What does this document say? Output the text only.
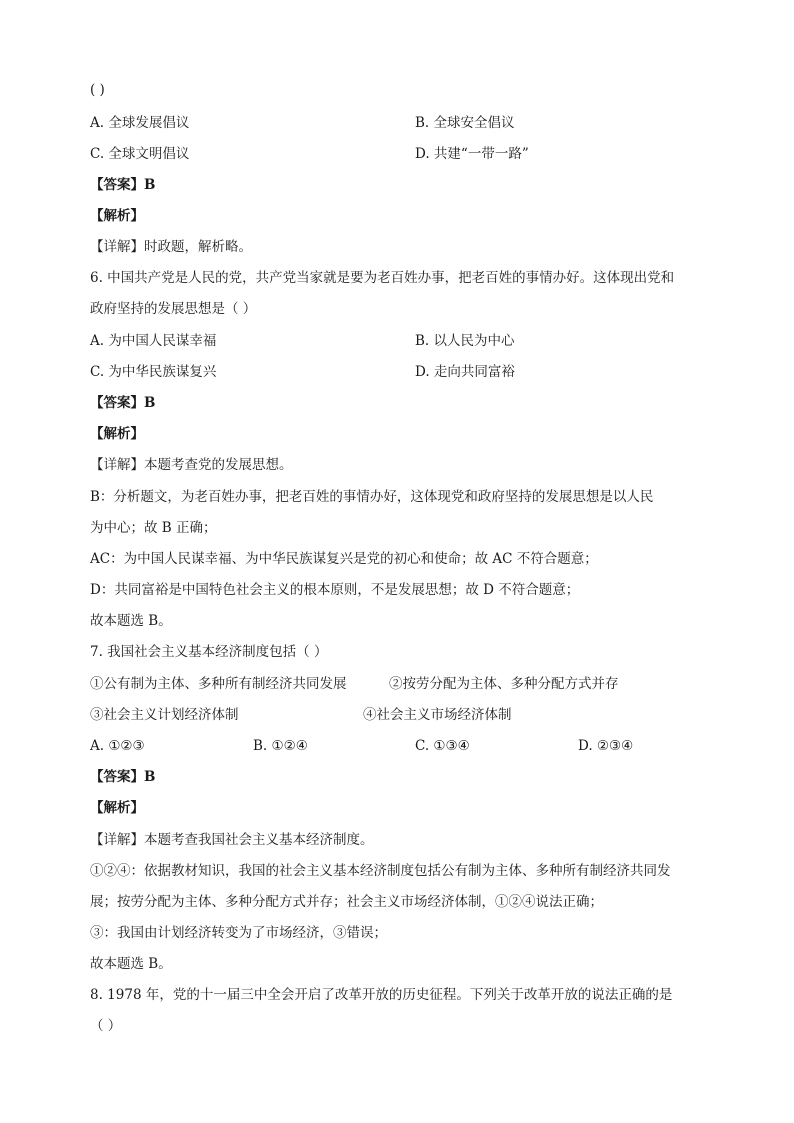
( )
A. 全球发展倡议	B. 全球安全倡议
C. 全球文明倡议	D. 共建“一带一路”
【答案】B
【解析】
【详解】时政题，解析略。
6. 中国共产党是人民的党，共产党当家就是要为老百姓办事，把老百姓的事情办好。这体现出党和
政府坚持的发展思想是（ ）
A. 为中国人民谋幸福	B. 以人民为中心
C. 为中华民族谋复兴	D. 走向共同富裕
【答案】B
【解析】
【详解】本题考查党的发展思想。
B：分析题文，为老百姓办事，把老百姓的事情办好，这体现党和政府坚持的发展思想是以人民
为中心；故 B 正确；
AC：为中国人民谋幸福、为中华民族谋复兴是党的初心和使命；故 AC 不符合题意；
D：共同富裕是中国特色社会主义的根本原则，不是发展思想；故 D 不符合题意；
故本题选 B。
7. 我国社会主义基本经济制度包括（ ）
①公有制为主体、多种所有制经济共同发展	②按劳分配为主体、多种分配方式并存
③社会主义计划经济体制	④社会主义市场经济体制
A. ①②③	B. ①②④	C. ①③④	D. ②③④
【答案】B
【解析】
【详解】本题考查我国社会主义基本经济制度。
①②④：依据教材知识，我国的社会主义基本经济制度包括公有制为主体、多种所有制经济共同发
展；按劳分配为主体、多种分配方式并存；社会主义市场经济体制，①②④说法正确；
③：我国由计划经济转变为了市场经济，③错误；
故本题选 B。
8. 1978 年，党的十一届三中全会开启了改革开放的历史征程。下列关于改革开放的说法正确的是
（ ）
